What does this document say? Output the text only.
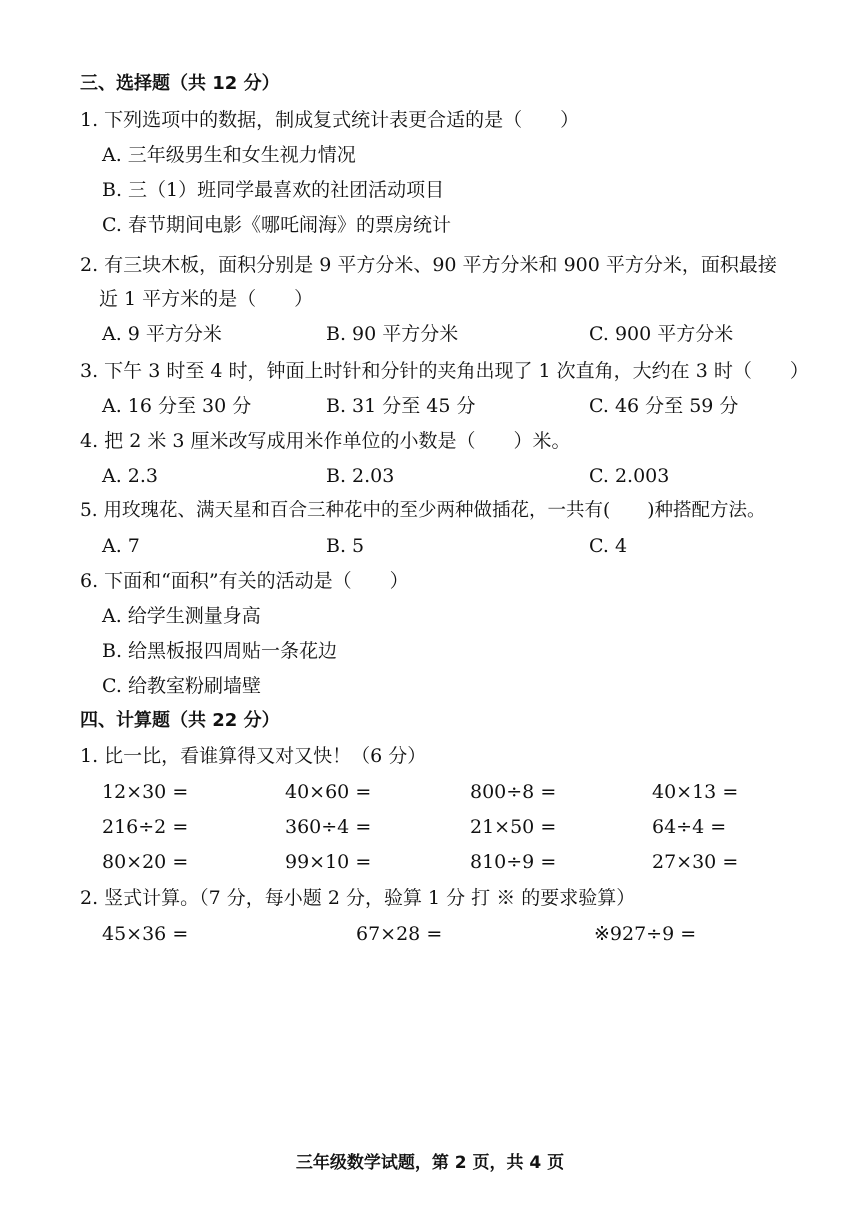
三、选择题（共 12 分）
1. 下列选项中的数据，制成复式统计表更合适的是（　　）
A. 三年级男生和女生视力情况
B. 三（1）班同学最喜欢的社团活动项目
C. 春节期间电影《哪吒闹海》的票房统计
2. 有三块木板，面积分别是 9 平方分米、90 平方分米和 900 平方分米，面积最接
近 1 平方米的是（　　）
A. 9 平方分米	B. 90 平方分米	C. 900 平方分米
3. 下午 3 时至 4 时，钟面上时针和分针的夹角出现了 1 次直角，大约在 3 时（　　）
A. 16 分至 30 分	B. 31 分至 45 分	C. 46 分至 59 分
4. 把 2 米 3 厘米改写成用米作单位的小数是（　　）米。
A. 2.3	B. 2.03	C. 2.003
5. 用玫瑰花、满天星和百合三种花中的至少两种做插花，一共有(　　)种搭配方法。
A. 7	B. 5	C. 4
6. 下面和“面积”有关的活动是（　　）
A. 给学生测量身高
B. 给黑板报四周贴一条花边
C. 给教室粉刷墙壁
四、计算题（共 22 分）
1. 比一比，看谁算得又对又快！（6 分）
12×30 =	40×60 =	800÷8 =	40×13 =
216÷2 =	360÷4 =	21×50 =	64÷4 =
80×20 =	99×10 =	810÷9 =	27×30 =
2. 竖式计算。（7 分，每小题 2 分，验算 1 分 打 ※ 的要求验算）
45×36 =	67×28 =	※927÷9 =
三年级数学试题，第 2 页，共 4 页
